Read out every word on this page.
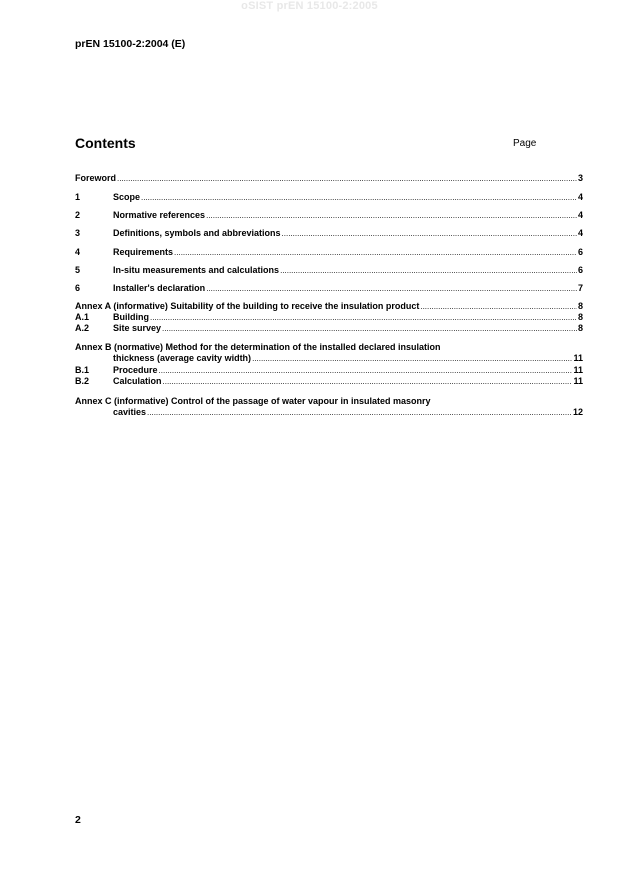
oSIST prEN 15100-2:2005
prEN 15100-2:2004 (E)
Contents	Page
Foreword .....	3
1	Scope .....	4
2	Normative references .....	4
3	Definitions, symbols and abbreviations .....	4
4	Requirements .....	6
5	In-situ measurements and calculations .....	6
6	Installer's declaration .....	7
Annex A (informative) Suitability of the building to receive the insulation product .....	8
A.1	Building .....	8
A.2	Site survey .....	8
Annex B (normative) Method for the determination of the installed declared insulation
thickness (average cavity width) .....	11
B.1	Procedure .....	11
B.2	Calculation .....	11
Annex C (informative) Control of the passage of water vapour in insulated masonry
cavities .....	12
2
